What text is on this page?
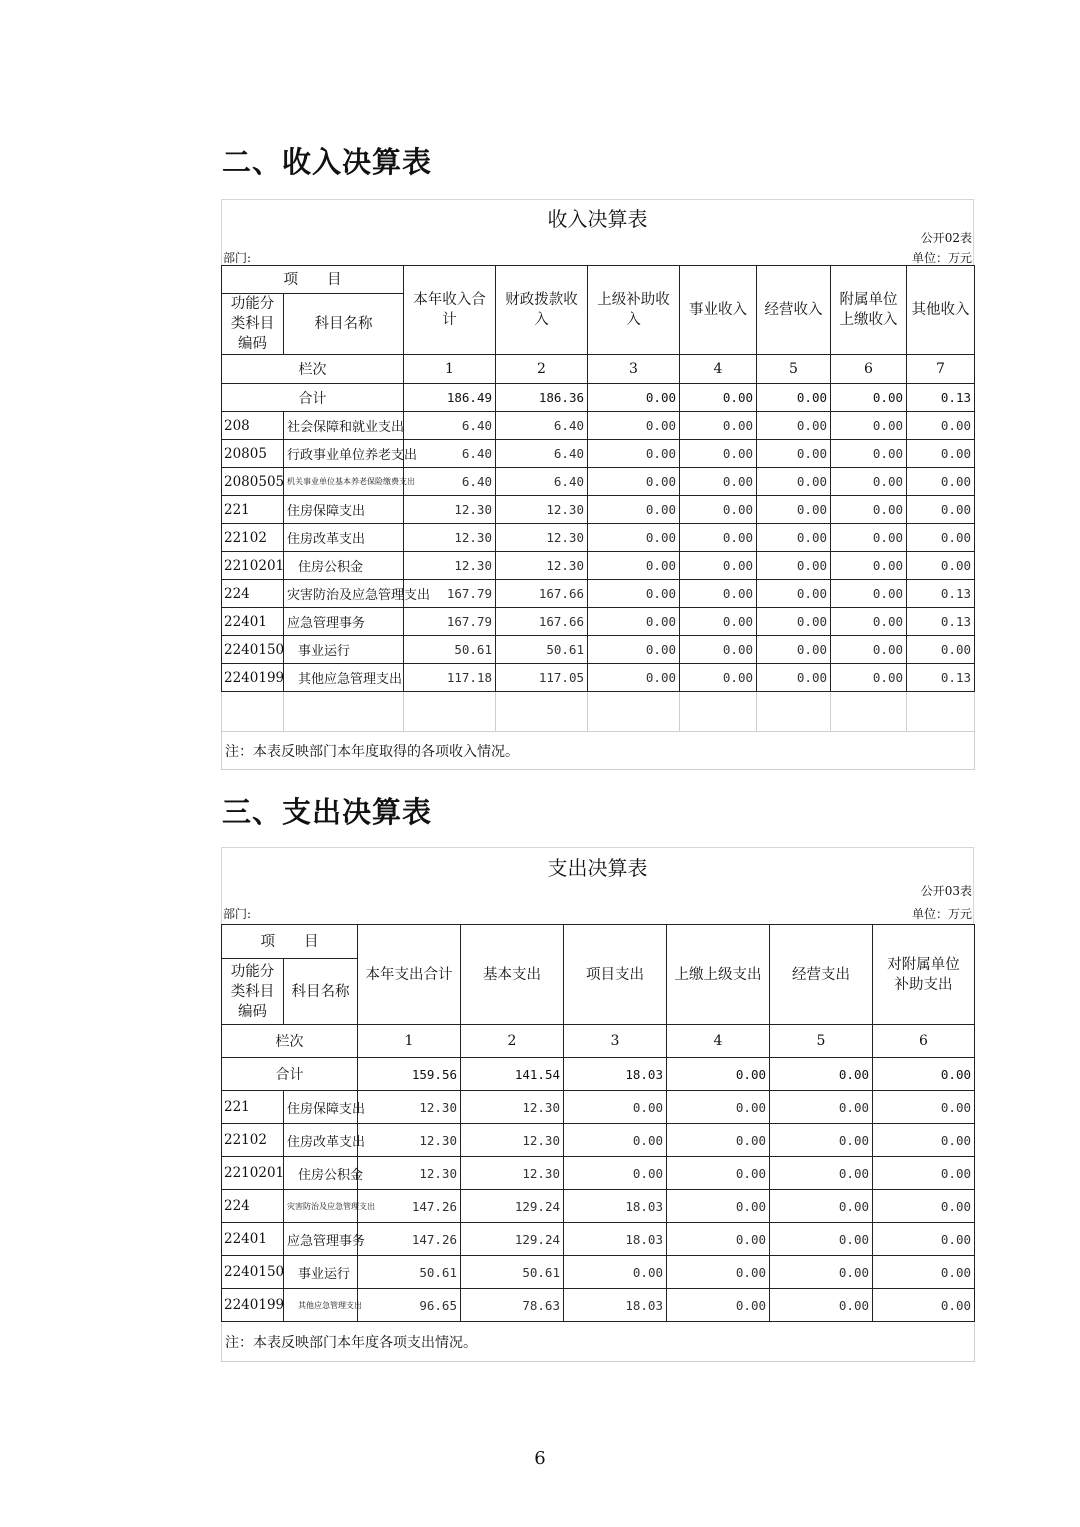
二、收入决算表
收入决算表
公开02表
部门:	单位：万元
项　　目		本年收入合计	财政拨款收入	上级补助收入	事业收入	经营收入	附属单位上缴收入	其他收入
功能分类科目编码	科目名称							
栏次		1	2	3	4	5	6	7
合计		186.49	186.36	0.00	0.00	0.00	0.00	0.13
208	社会保障和就业支出	6.40	6.40	0.00	0.00	0.00	0.00	0.00
20805	行政事业单位养老支出	6.40	6.40	0.00	0.00	0.00	0.00	0.00
2080505	机关事业单位基本养老保险缴费支出	6.40	6.40	0.00	0.00	0.00	0.00	0.00
221	住房保障支出	12.30	12.30	0.00	0.00	0.00	0.00	0.00
22102	住房改革支出	12.30	12.30	0.00	0.00	0.00	0.00	0.00
2210201	住房公积金	12.30	12.30	0.00	0.00	0.00	0.00	0.00
224	灾害防治及应急管理支出	167.79	167.66	0.00	0.00	0.00	0.00	0.13
22401	应急管理事务	167.79	167.66	0.00	0.00	0.00	0.00	0.13
2240150	事业运行	50.61	50.61	0.00	0.00	0.00	0.00	0.00
2240199	其他应急管理支出	117.18	117.05	0.00	0.00	0.00	0.00	0.13

注：本表反映部门本年度取得的各项收入情况。								
三、支出决算表
支出决算表
公开03表
部门:	单位：万元
项　　目		本年支出合计	基本支出	项目支出	上缴上级支出	经营支出	对附属单位补助支出
功能分类科目编码	科目名称						
栏次		1	2	3	4	5	6
合计		159.56	141.54	18.03	0.00	0.00	0.00
221	住房保障支出	12.30	12.30	0.00	0.00	0.00	0.00
22102	住房改革支出	12.30	12.30	0.00	0.00	0.00	0.00
2210201	住房公积金	12.30	12.30	0.00	0.00	0.00	0.00
224	灾害防治及应急管理支出	147.26	129.24	18.03	0.00	0.00	0.00
22401	应急管理事务	147.26	129.24	18.03	0.00	0.00	0.00
2240150	事业运行	50.61	50.61	0.00	0.00	0.00	0.00
2240199	其他应急管理支出	96.65	78.63	18.03	0.00	0.00	0.00
注：本表反映部门本年度各项支出情况。							
6
